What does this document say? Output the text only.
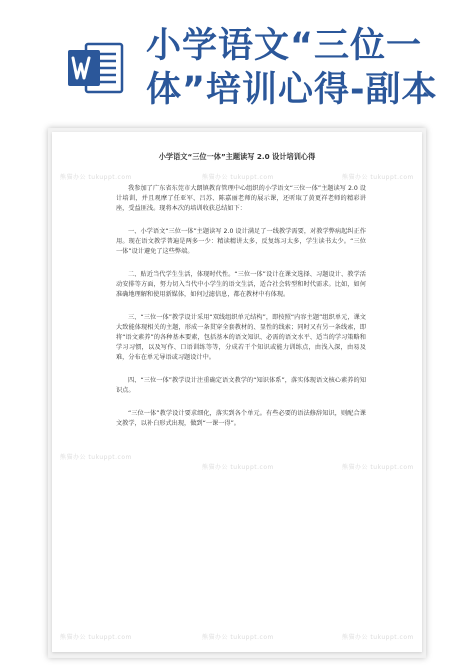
小学语文“三位一体”培训心得-副本
小学语文“三位一体”主题读写 2.0 设计培训心得

我参加了广东省东莞市大朗镇教育管理中心组织的小学语文“三位一体”主题读写 2.0 设计培训，并且观摩了任亚军、吕苏、陈嘉丽老师的展示课，还听取了黄更祥老师的精彩讲座，受益匪浅。现将本次的培训收获总结如下：

一、小学语文“三位一体”主题读写 2.0 设计满足了一线教学需要，对教学弊病起纠正作用。现在语文教学普遍是两多一少：精读精讲太多，反复练习太多，学生读书太少。“三位一体”设计避免了这些弊端。

二、贴近当代学生生活，体现时代性。“三位一体”设计在课文选择、习题设计、教学活动安排等方面，努力切入当代中小学生的语文生活，适合社会转型和时代需求。比如，如何准确地理解和使用新媒体，如何过滤信息，都在教材中有体现。

三、“三位一体”教学设计采用“双线组织单元结构”，即按照“内容主题”组织单元，课文大致能体现相关的主题，形成一条贯穿全套教材的、显性的线索；同时又有另一条线索，即将“语文素养”的各种基本要素，包括基本的语文知识、必需的语文水平、适当的学习策略和学习习惯，以及写作、口语训练等等，分成若干个知识或能力训练点，由浅入深，由易及难，分布在单元导语或习题设计中。

四、“三位一体”教学设计注重确定语文教学的“知识体系”，落实体现语文核心素养的知识点。

“三位一体”教学设计要求细化，落实到各个单元。有些必要的语法修辞知识，则配合课文教学，以补白形式出现，做到“一课一得”。

熊猫办公 tukuppt.com	熊猫办公 tukuppt.com	熊猫办公 tukuppt.com
熊猫办公 tukuppt.com
熊猫办公 tukuppt.com	熊猫办公 tukuppt.com
熊猫办公 tukuppt.com	熊猫办公 tukuppt.com	熊猫办公 tukuppt.com
